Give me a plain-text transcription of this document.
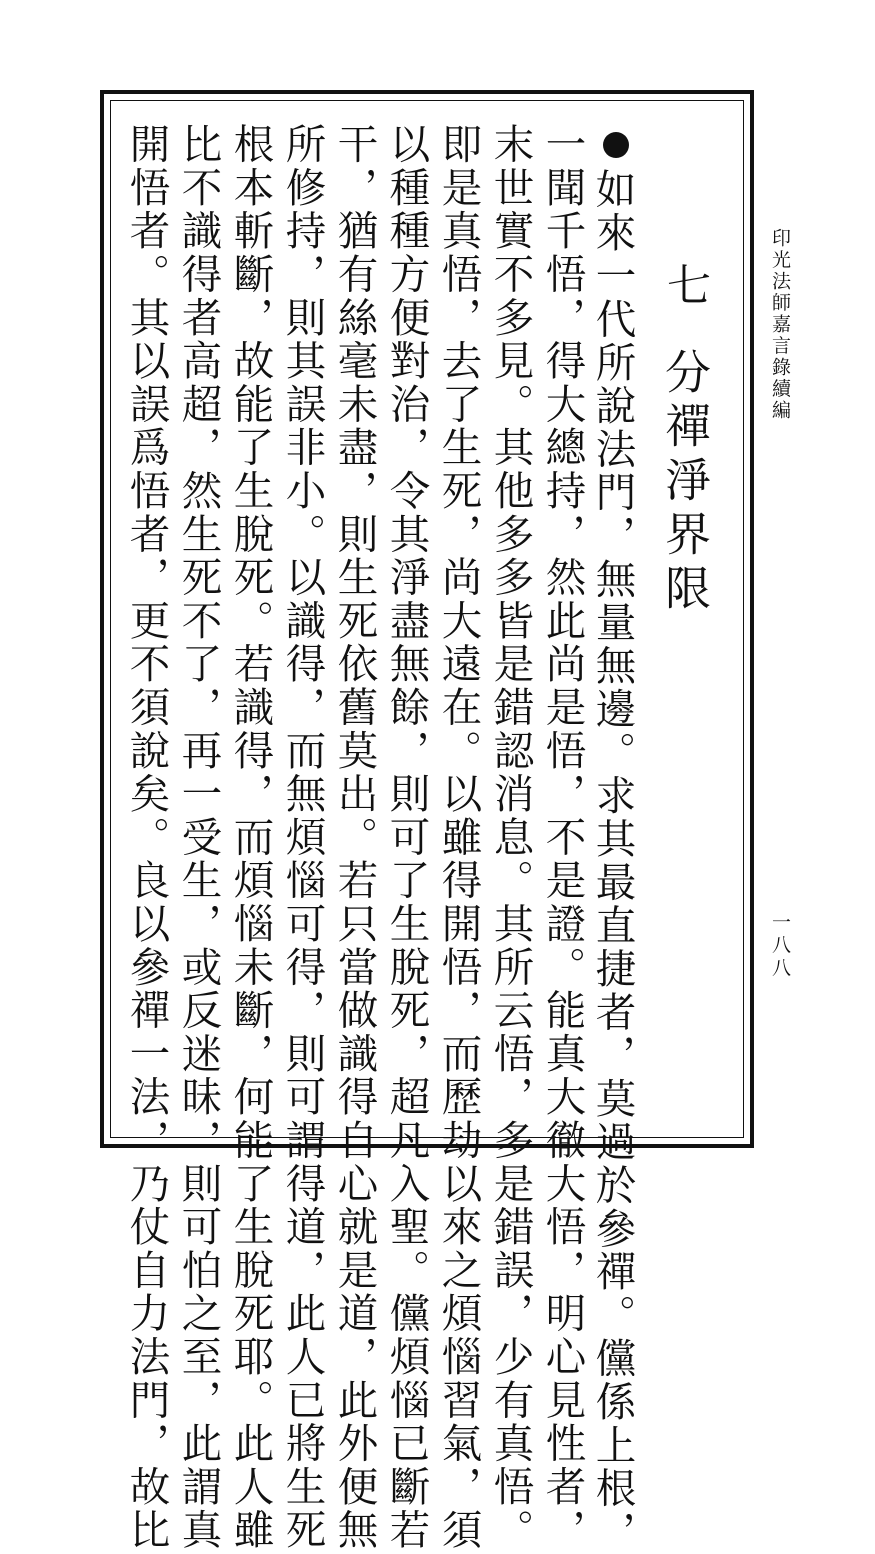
印光法師嘉言錄續編
一八八
七
分禪淨界限
如來一代所說法門，無量無邊。求其最直捷者，莫過於參禪。儻係上根，
一聞千悟，得大總持，然此尚是悟，不是證。能真大徹大悟，明心見性者，
末世實不多見。其他多多皆是錯認消息。其所云悟，多是錯誤，少有真悟。
即是真悟，去了生死，尚大遠在。以雖得開悟，而歷劫以來之煩惱習氣，須
以種種方便對治，令其淨盡無餘，則可了生脫死，超凡入聖。儻煩惱已斷若
干，猶有絲毫未盡，則生死依舊莫出。若只當做識得自心就是道，此外便無
所修持，則其誤非小。以識得，而無煩惱可得，則可謂得道，此人已將生死
根本斬斷，故能了生脫死。若識得，而煩惱未斷，何能了生脫死耶。此人雖
比不識得者高超，然生死不了，再一受生，或反迷昧，則可怕之至，此謂真
開悟者。其以誤爲悟者，更不須說矣。良以參禪一法，乃仗自力法門，故比
